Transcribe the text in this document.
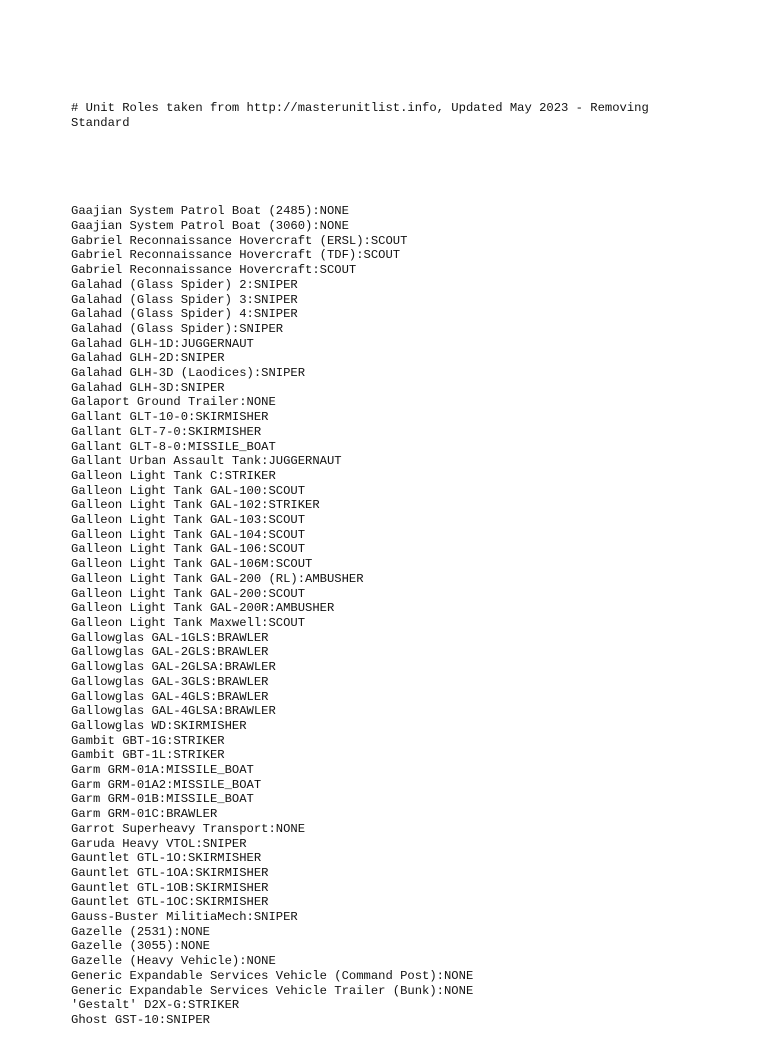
# Unit Roles taken from http://masterunitlist.info, Updated May 2023 - Removing Standard

Gaajian System Patrol Boat (2485):NONE
Gaajian System Patrol Boat (3060):NONE
Gabriel Reconnaissance Hovercraft (ERSL):SCOUT
Gabriel Reconnaissance Hovercraft (TDF):SCOUT
Gabriel Reconnaissance Hovercraft:SCOUT
Galahad (Glass Spider) 2:SNIPER
Galahad (Glass Spider) 3:SNIPER
Galahad (Glass Spider) 4:SNIPER
Galahad (Glass Spider):SNIPER
Galahad GLH-1D:JUGGERNAUT
Galahad GLH-2D:SNIPER
Galahad GLH-3D (Laodices):SNIPER
Galahad GLH-3D:SNIPER
Galaport Ground Trailer:NONE
Gallant GLT-10-0:SKIRMISHER
Gallant GLT-7-0:SKIRMISHER
Gallant GLT-8-0:MISSILE_BOAT
Gallant Urban Assault Tank:JUGGERNAUT
Galleon Light Tank C:STRIKER
Galleon Light Tank GAL-100:SCOUT
Galleon Light Tank GAL-102:STRIKER
Galleon Light Tank GAL-103:SCOUT
Galleon Light Tank GAL-104:SCOUT
Galleon Light Tank GAL-106:SCOUT
Galleon Light Tank GAL-106M:SCOUT
Galleon Light Tank GAL-200 (RL):AMBUSHER
Galleon Light Tank GAL-200:SCOUT
Galleon Light Tank GAL-200R:AMBUSHER
Galleon Light Tank Maxwell:SCOUT
Gallowglas GAL-1GLS:BRAWLER
Gallowglas GAL-2GLS:BRAWLER
Gallowglas GAL-2GLSA:BRAWLER
Gallowglas GAL-3GLS:BRAWLER
Gallowglas GAL-4GLS:BRAWLER
Gallowglas GAL-4GLSA:BRAWLER
Gallowglas WD:SKIRMISHER
Gambit GBT-1G:STRIKER
Gambit GBT-1L:STRIKER
Garm GRM-01A:MISSILE_BOAT
Garm GRM-01A2:MISSILE_BOAT
Garm GRM-01B:MISSILE_BOAT
Garm GRM-01C:BRAWLER
Garrot Superheavy Transport:NONE
Garuda Heavy VTOL:SNIPER
Gauntlet GTL-1O:SKIRMISHER
Gauntlet GTL-1OA:SKIRMISHER
Gauntlet GTL-1OB:SKIRMISHER
Gauntlet GTL-1OC:SKIRMISHER
Gauss-Buster MilitiaMech:SNIPER
Gazelle (2531):NONE
Gazelle (3055):NONE
Gazelle (Heavy Vehicle):NONE
Generic Expandable Services Vehicle (Command Post):NONE
Generic Expandable Services Vehicle Trailer (Bunk):NONE
'Gestalt' D2X-G:STRIKER
Ghost GST-10:SNIPER
